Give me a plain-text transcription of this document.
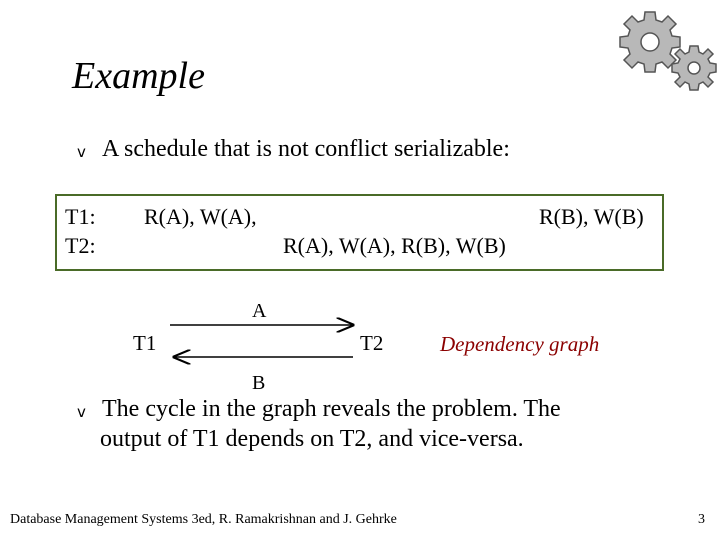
Example
v A schedule that is not conflict serializable:
T1: R(A), W(A),	R(B), W(B)
T2:	R(A), W(A), R(B), W(B)
T1	T2
A
B
Dependency graph
v The cycle in the graph reveals the problem. The
output of T1 depends on T2, and vice-versa.
Database Management Systems 3ed, R. Ramakrishnan and J. Gehrke	3
